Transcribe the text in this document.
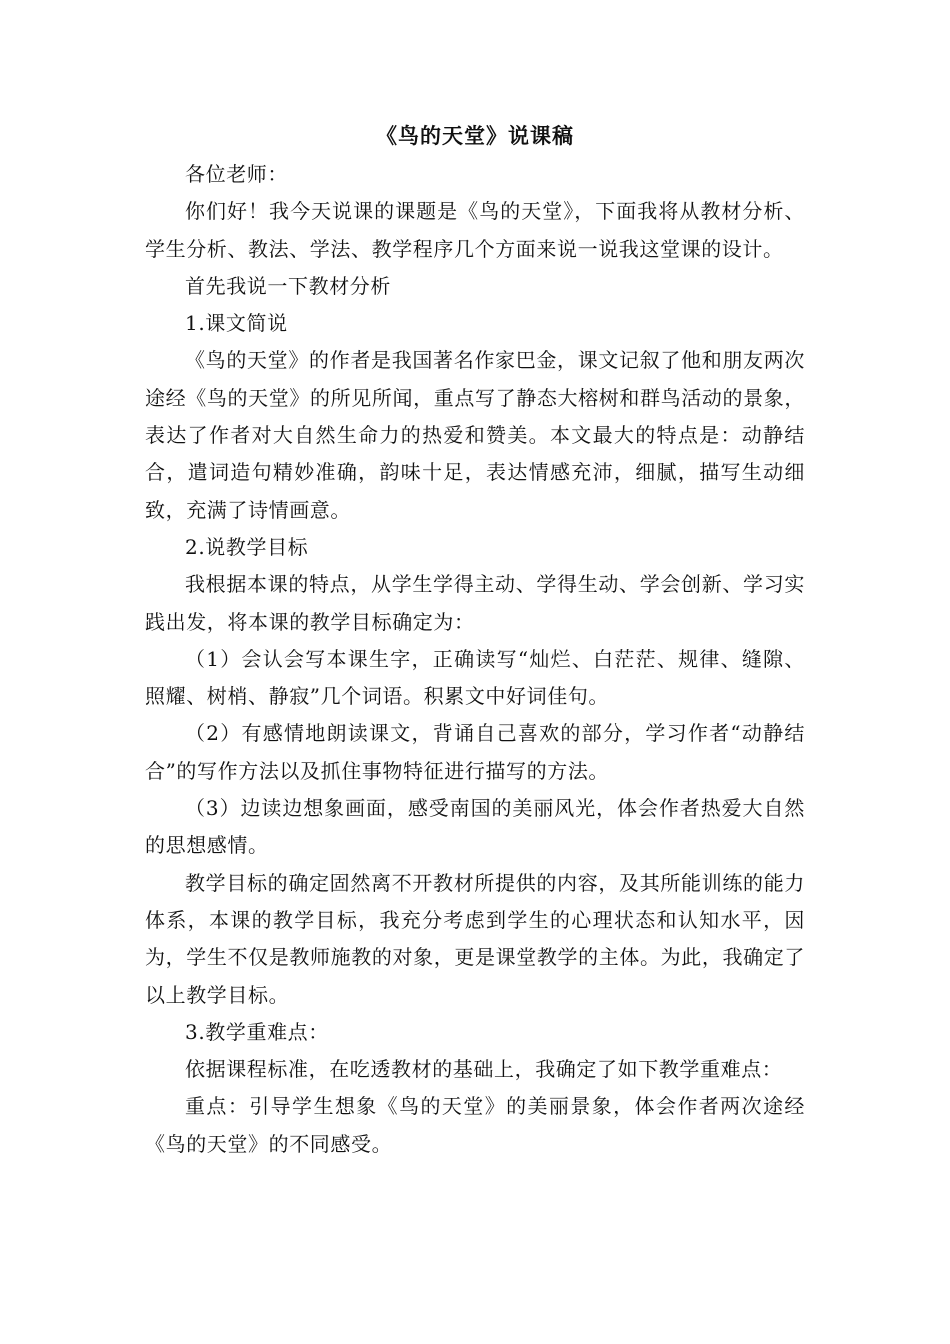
《鸟的天堂》说课稿

各位老师：

你们好！我今天说课的课题是《鸟的天堂》，下面我将从教材分析、学生分析、教法、学法、教学程序几个方面来说一说我这堂课的设计。

首先我说一下教材分析

1.课文简说

《鸟的天堂》的作者是我国著名作家巴金，课文记叙了他和朋友两次途经《鸟的天堂》的所见所闻，重点写了静态大榕树和群鸟活动的景象，表达了作者对大自然生命力的热爱和赞美。本文最大的特点是：动静结合，遣词造句精妙准确，韵味十足，表达情感充沛，细腻，描写生动细致，充满了诗情画意。

2.说教学目标

我根据本课的特点，从学生学得主动、学得生动、学会创新、学习实践出发，将本课的教学目标确定为：

（1）会认会写本课生字，正确读写“灿烂、白茫茫、规律、缝隙、照耀、树梢、静寂”几个词语。积累文中好词佳句。

（2）有感情地朗读课文，背诵自己喜欢的部分，学习作者“动静结合”的写作方法以及抓住事物特征进行描写的方法。

（3）边读边想象画面，感受南国的美丽风光，体会作者热爱大自然的思想感情。

教学目标的确定固然离不开教材所提供的内容，及其所能训练的能力体系，本课的教学目标，我充分考虑到学生的心理状态和认知水平，因为，学生不仅是教师施教的对象，更是课堂教学的主体。为此，我确定了以上教学目标。

3.教学重难点：

依据课程标准，在吃透教材的基础上，我确定了如下教学重难点：

重点：引导学生想象《鸟的天堂》的美丽景象，体会作者两次途经《鸟的天堂》的不同感受。
